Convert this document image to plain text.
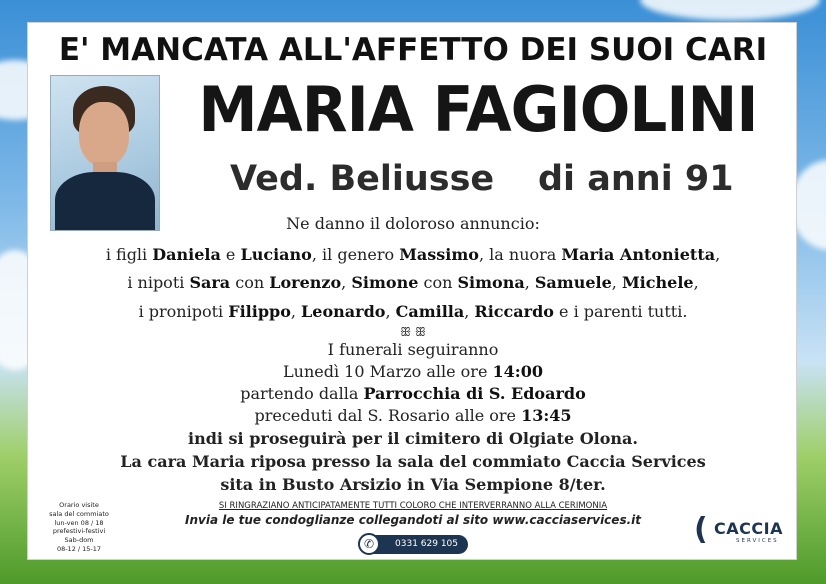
E' MANCATA ALL'AFFETTO DEI SUOI CARI
MARIA FAGIOLINI
Ved. Beliusse di anni 91
Ne danno il doloroso annuncio:
i figli Daniela e Luciano, il genero Massimo, la nuora Maria Antonietta,
i nipoti Sara con Lorenzo, Simone con Simona, Samuele, Michele,
i pronipoti Filippo, Leonardo, Camilla, Riccardo e i parenti tutti.
ꕥ ꕥ
I funerali seguiranno
Lunedì 10 Marzo alle ore 14:00
partendo dalla Parrocchia di S. Edoardo
preceduti dal S. Rosario alle ore 13:45
indi si proseguirà per il cimitero di Olgiate Olona.
La cara Maria riposa presso la sala del commiato Caccia Services
sita in Busto Arsizio in Via Sempione 8/ter.
Orario visite
sala del commiato
lun-ven 08 / 18
prefestivi-festivi
Sab-dom
08-12 / 15-17
SI RINGRAZIANO ANTICIPATAMENTE TUTTI COLORO CHE INTERVERRANNO ALLA CERIMONIA
Invia le tue condoglianze collegandoti al sito www.cacciaservices.it
✆	0331 629 105	( CACCIA
SERVICES
